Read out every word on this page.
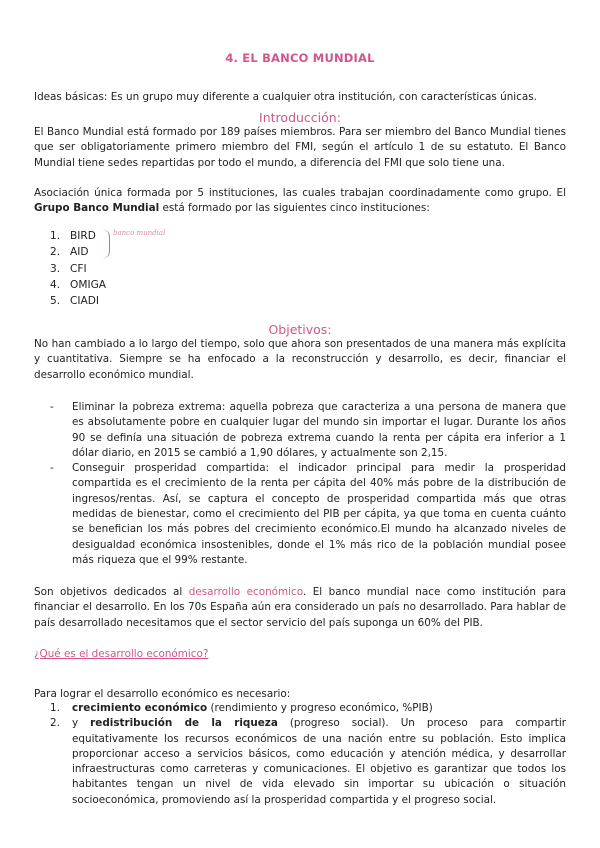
4. EL BANCO MUNDIAL

Ideas básicas: Es un grupo muy diferente a cualquier otra institución, con características únicas.

Introducción:

El Banco Mundial está formado por 189 países miembros. Para ser miembro del Banco Mundial tienes que ser obligatoriamente primero miembro del FMI, según el artículo 1 de su estatuto. El Banco Mundial tiene sedes repartidas por todo el mundo, a diferencia del FMI que solo tiene una.

Asociación única formada por 5 instituciones, las cuales trabajan coordinadamente como grupo. El Grupo Banco Mundial está formado por las siguientes cinco instituciones:

1. BIRD
2. AID
3. CFI
4. OMIGA
5. CIADI
banco mundial
Objetivos:

No han cambiado a lo largo del tiempo, solo que ahora son presentados de una manera más explícita y cuantitativa. Siempre se ha enfocado a la reconstrucción y desarrollo, es decir, financiar el desarrollo económico mundial.

- Eliminar la pobreza extrema: aquella pobreza que caracteriza a una persona de manera que es absolutamente pobre en cualquier lugar del mundo sin importar el lugar. Durante los años 90 se definía una situación de pobreza extrema cuando la renta per cápita era inferior a 1 dólar diario, en 2015 se cambió a 1,90 dólares, y actualmente son 2,15.
- Conseguir prosperidad compartida: el indicador principal para medir la prosperidad compartida es el crecimiento de la renta per cápita del 40% más pobre de la distribución de ingresos/rentas. Así, se captura el concepto de prosperidad compartida más que otras medidas de bienestar, como el crecimiento del PIB per cápita, ya que toma en cuenta cuánto se benefician los más pobres del crecimiento económico.El mundo ha alcanzado niveles de desigualdad económica insostenibles, donde el 1% más rico de la población mundial posee más riqueza que el 99% restante.

Son objetivos dedicados al desarrollo económico. El banco mundial nace como institución para financiar el desarrollo. En los 70s España aún era considerado un país no desarrollado. Para hablar de país desarrollado necesitamos que el sector servicio del país suponga un 60% del PIB.

¿Qué es el desarrollo económico?

Para lograr el desarrollo económico es necesario:

1. crecimiento económico (rendimiento y progreso económico, %PIB)
2. y redistribución de la riqueza (progreso social). Un proceso para compartir equitativamente los recursos económicos de una nación entre su población. Esto implica proporcionar acceso a servicios básicos, como educación y atención médica, y desarrollar infraestructuras como carreteras y comunicaciones. El objetivo es garantizar que todos los habitantes tengan un nivel de vida elevado sin importar su ubicación o situación socioeconómica, promoviendo así la prosperidad compartida y el progreso social.
